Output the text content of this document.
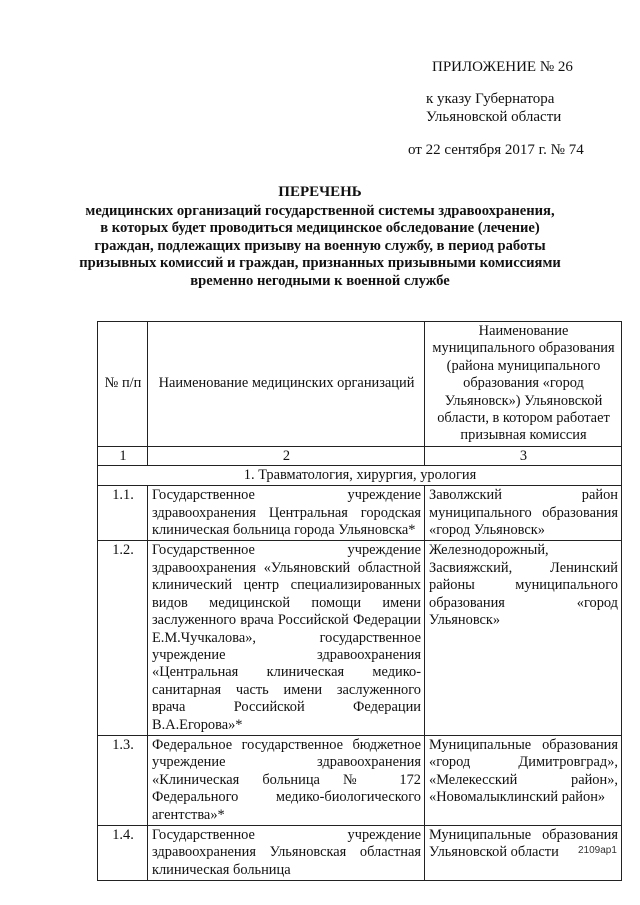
ПРИЛОЖЕНИЕ № 26
к указу Губернатора
Ульяновской области
от 22 сентября 2017 г. № 74
ПЕРЕЧЕНЬ
медицинских организаций государственной системы здравоохранения,
в которых будет проводиться медицинское обследование (лечение)
граждан, подлежащих призыву на военную службу, в период работы
призывных комиссий и граждан, признанных призывными комиссиями
временно негодными к военной службе
№ п/п	Наименование медицинских организаций	Наименование муниципального образования (района муниципального образования «город Ульяновск») Ульяновской области, в котором работает призывная комиссия
1	2	3
1. Травматология, хирургия, урология		
1.1.	Государственное учреждение здравоохранения Центральная городская клиническая больница города Ульяновска*	Заволжский район муниципального образования «город Ульяновск»
1.2.	Государственное учреждение здравоохранения «Ульяновский областной клинический центр специализированных видов медицинской помощи имени заслуженного врача Российской Федерации Е.М.Чучкалова», государственное учреждение здравоохранения «Центральная клиническая медико-санитарная часть имени заслуженного врача Российской Федерации В.А.Егорова»*	Железнодорожный, Засвияжский, Ленинский районы муниципального образования «город Ульяновск»
1.3.	Федеральное государственное бюджетное учреждение здравоохранения «Клиническая больница № 172 Федерального медико-биологического агентства»*	Муниципальные образования «город Димитровград», «Мелекесский район», «Новомалыклинский район»
1.4.	Государственное учреждение здравоохранения Ульяновская областная клиническая больница	Муниципальные образования Ульяновской области 2109ap1
